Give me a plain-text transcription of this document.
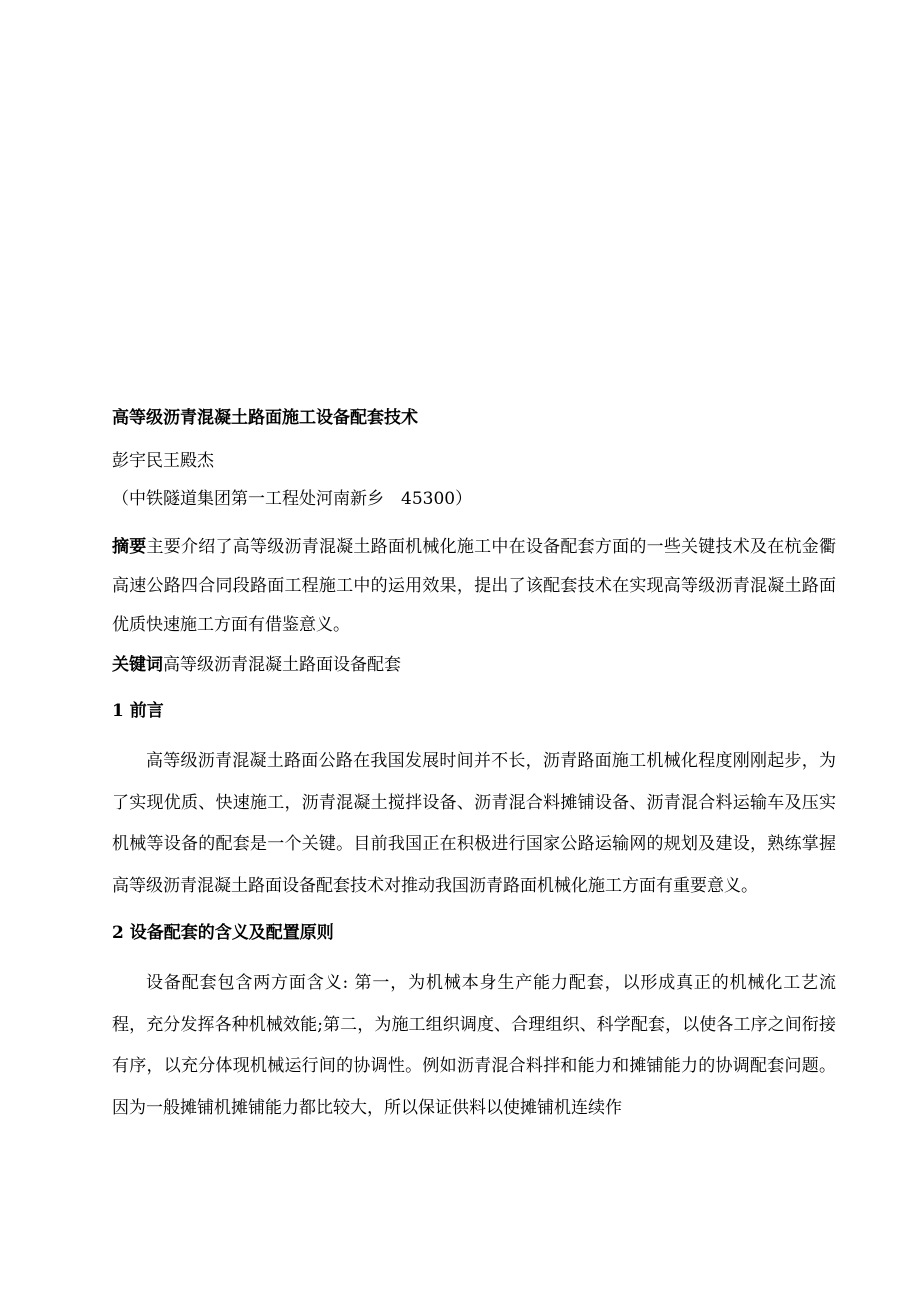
高等级沥青混凝土路面施工设备配套技术
彭宇民王殿杰
（中铁隧道集团第一工程处河南新乡　45300）
摘要主要介绍了高等级沥青混凝土路面机械化施工中在设备配套方面的一些关键技术及在杭金衢高速公路四合同段路面工程施工中的运用效果，提出了该配套技术在实现高等级沥青混凝土路面优质快速施工方面有借鉴意义。
关键词高等级沥青混凝土路面设备配套
1 前言
高等级沥青混凝土路面公路在我国发展时间并不长，沥青路面施工机械化程度刚刚起步，为了实现优质、快速施工，沥青混凝土搅拌设备、沥青混合料摊铺设备、沥青混合料运输车及压实机械等设备的配套是一个关键。目前我国正在积极进行国家公路运输网的规划及建设，熟练掌握高等级沥青混凝土路面设备配套技术对推动我国沥青路面机械化施工方面有重要意义。
2 设备配套的含义及配置原则
设备配套包含两方面含义: 第一，为机械本身生产能力配套，以形成真正的机械化工艺流程，充分发挥各种机械效能;第二，为施工组织调度、合理组织、科学配套，以使各工序之间衔接有序，以充分体现机械运行间的协调性。例如沥青混合料拌和能力和摊铺能力的协调配套问题。因为一般摊铺机摊铺能力都比较大，所以保证供料以使摊铺机连续作
